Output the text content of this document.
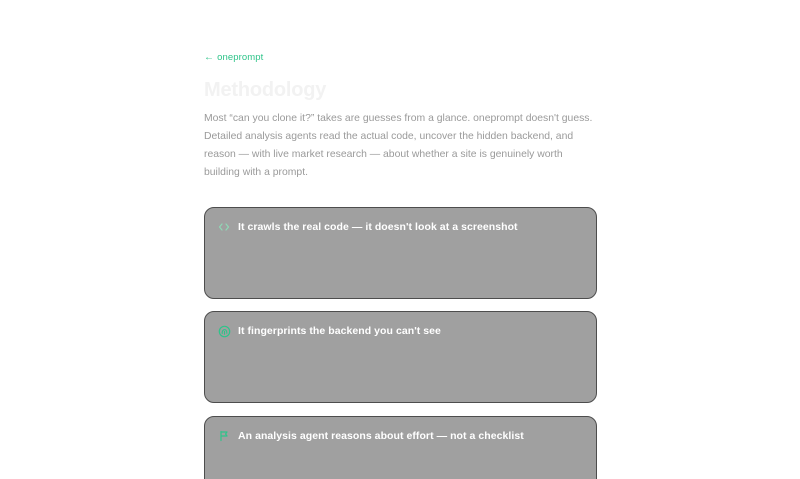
← oneprompt
Methodology

Most “can you clone it?” takes are guesses from a glance. oneprompt doesn't guess. Detailed analysis agents read the actual code, uncover the hidden backend, and reason — with live market research — about whether a site is genuinely worth building with a prompt.

It crawls the real code — it doesn't look at a screenshot
It fingerprints the backend you can't see
An analysis agent reasons about effort — not a checklist
